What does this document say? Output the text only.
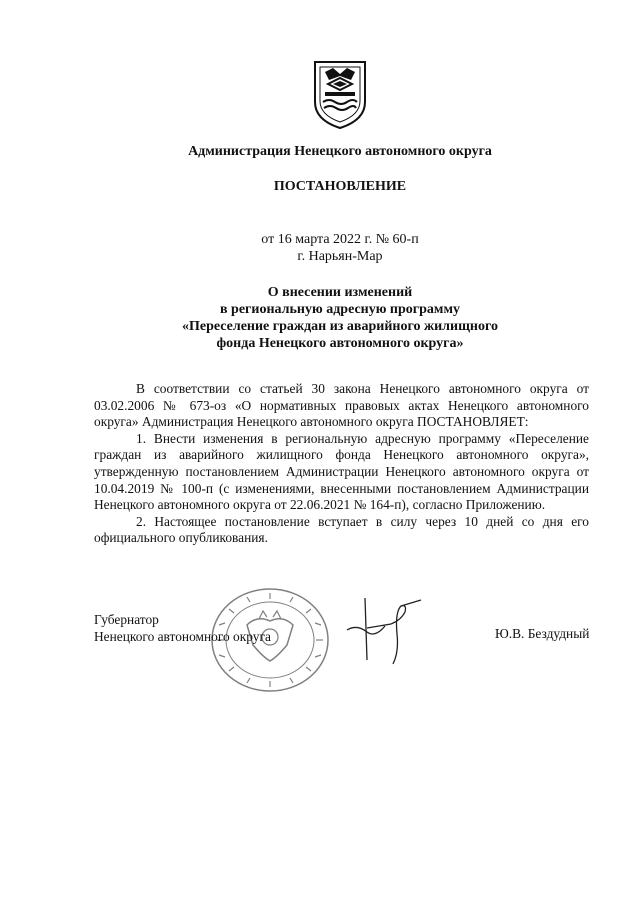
Администрация Ненецкого автономного округа
ПОСТАНОВЛЕНИЕ
от 16 марта 2022 г. № 60-п
г. Нарьян-Мар
О внесении изменений
в региональную адресную программу
«Переселение граждан из аварийного жилищного
фонда Ненецкого автономного округа»

В соответствии со статьей 30 закона Ненецкого автономного округа от 03.02.2006 № 673-оз «О нормативных правовых актах Ненецкого автономного округа» Администрация Ненецкого автономного округа ПОСТАНОВЛЯЕТ:

1. Внести изменения в региональную адресную программу «Переселение граждан из аварийного жилищного фонда Ненецкого автономного округа», утвержденную постановлением Администрации Ненецкого автономного округа от 10.04.2019 № 100-п (с изменениями, внесенными постановлением Администрации Ненецкого автономного округа от 22.06.2021 № 164-п), согласно Приложению.

2. Настоящее постановление вступает в силу через 10 дней со дня его официального опубликования.

Губернатор
Ненецкого автономного округа	Ю.В. Бездудный
